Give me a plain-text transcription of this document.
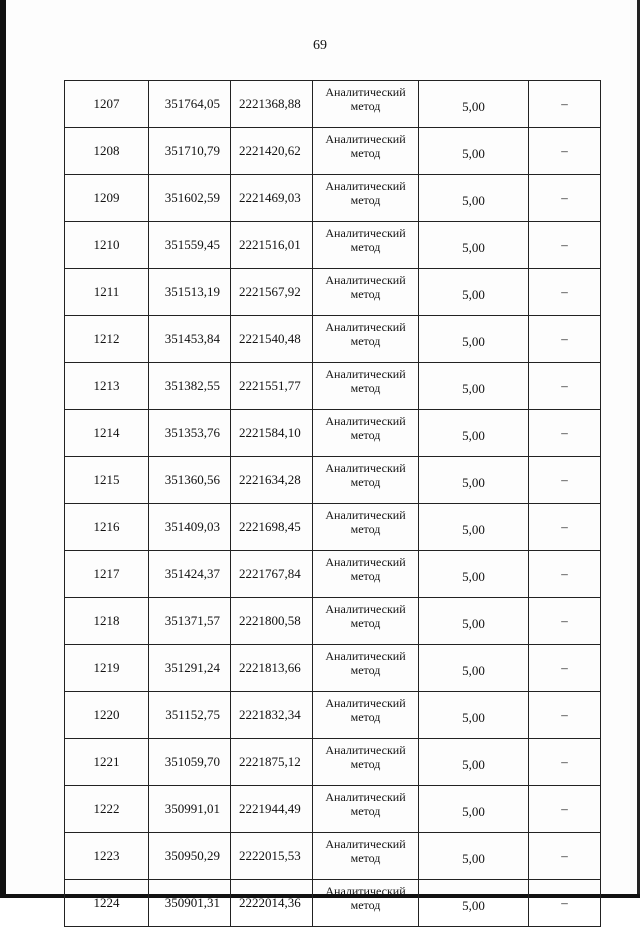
69
1207	351764,05	2221368,88	Аналитический метод	5,00	–
1208	351710,79	2221420,62	Аналитический метод	5,00	–
1209	351602,59	2221469,03	Аналитический метод	5,00	–
1210	351559,45	2221516,01	Аналитический метод	5,00	–
1211	351513,19	2221567,92	Аналитический метод	5,00	–
1212	351453,84	2221540,48	Аналитический метод	5,00	–
1213	351382,55	2221551,77	Аналитический метод	5,00	–
1214	351353,76	2221584,10	Аналитический метод	5,00	–
1215	351360,56	2221634,28	Аналитический метод	5,00	–
1216	351409,03	2221698,45	Аналитический метод	5,00	–
1217	351424,37	2221767,84	Аналитический метод	5,00	–
1218	351371,57	2221800,58	Аналитический метод	5,00	–
1219	351291,24	2221813,66	Аналитический метод	5,00	–
1220	351152,75	2221832,34	Аналитический метод	5,00	–
1221	351059,70	2221875,12	Аналитический метод	5,00	–
1222	350991,01	2221944,49	Аналитический метод	5,00	–
1223	350950,29	2222015,53	Аналитический метод	5,00	–
1224	350901,31	2222014,36	Аналитический метод	5,00	–
